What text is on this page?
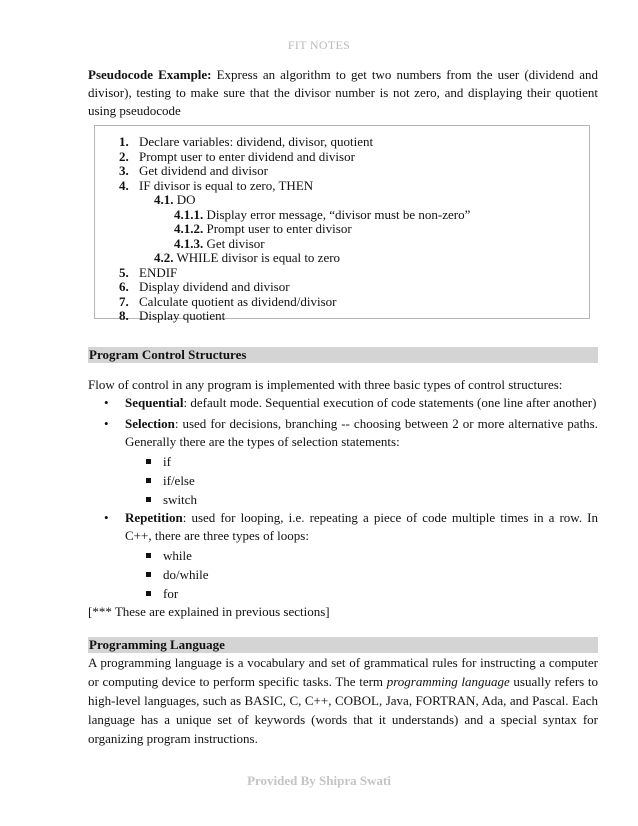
FIT NOTES
Pseudocode Example: Express an algorithm to get two numbers from the user (dividend and divisor), testing to make sure that the divisor number is not zero, and displaying their quotient using pseudocode
1. Declare variables: dividend, divisor, quotient
2. Prompt user to enter dividend and divisor
3. Get dividend and divisor
4. IF divisor is equal to zero, THEN
4.1. DO
4.1.1. Display error message, “divisor must be non-zero”
4.1.2. Prompt user to enter divisor
4.1.3. Get divisor
4.2. WHILE divisor is equal to zero
5. ENDIF
6. Display dividend and divisor
7. Calculate quotient as dividend/divisor
8. Display quotient
Program Control Structures
Flow of control in any program is implemented with three basic types of control structures:
• Sequential: default mode. Sequential execution of code statements (one line after another)
• Selection: used for decisions, branching -- choosing between 2 or more alternative paths. Generally there are the types of selection statements:
if
if/else
switch
• Repetition: used for looping, i.e. repeating a piece of code multiple times in a row. In C++, there are three types of loops:
while
do/while
for
[*** These are explained in previous sections]
Programming Language
A programming language is a vocabulary and set of grammatical rules for instructing a computer or computing device to perform specific tasks. The term programming language usually refers to high-level languages, such as BASIC, C, C++, COBOL, Java, FORTRAN, Ada, and Pascal. Each language has a unique set of keywords (words that it understands) and a special syntax for organizing program instructions.
Provided By Shipra Swati
